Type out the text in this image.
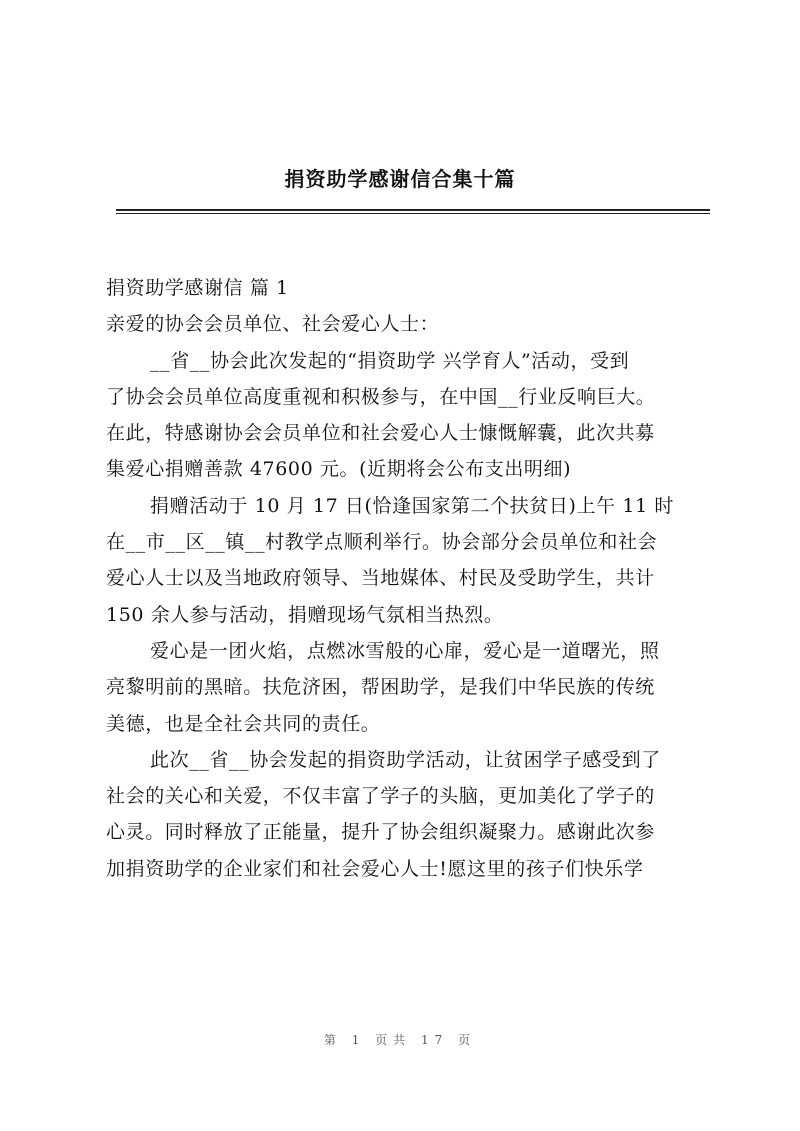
捐资助学感谢信合集十篇
捐资助学感谢信 篇 1
亲爱的协会会员单位、社会爱心人士：
__省__协会此次发起的“捐资助学 兴学育人”活动，受到
了协会会员单位高度重视和积极参与，在中国__行业反响巨大。
在此，特感谢协会会员单位和社会爱心人士慷慨解囊，此次共募
集爱心捐赠善款 47600 元。(近期将会公布支出明细)
捐赠活动于 10 月 17 日(恰逢国家第二个扶贫日)上午 11 时
在__市__区__镇__村教学点顺利举行。协会部分会员单位和社会
爱心人士以及当地政府领导、当地媒体、村民及受助学生，共计
150 余人参与活动，捐赠现场气氛相当热烈。
爱心是一团火焰，点燃冰雪般的心扉，爱心是一道曙光，照
亮黎明前的黑暗。扶危济困，帮困助学，是我们中华民族的传统
美德，也是全社会共同的责任。
此次__省__协会发起的捐资助学活动，让贫困学子感受到了
社会的关心和关爱，不仅丰富了学子的头脑，更加美化了学子的
心灵。同时释放了正能量，提升了协会组织凝聚力。感谢此次参
加捐资助学的企业家们和社会爱心人士!愿这里的孩子们快乐学
第 1 页共 17 页
